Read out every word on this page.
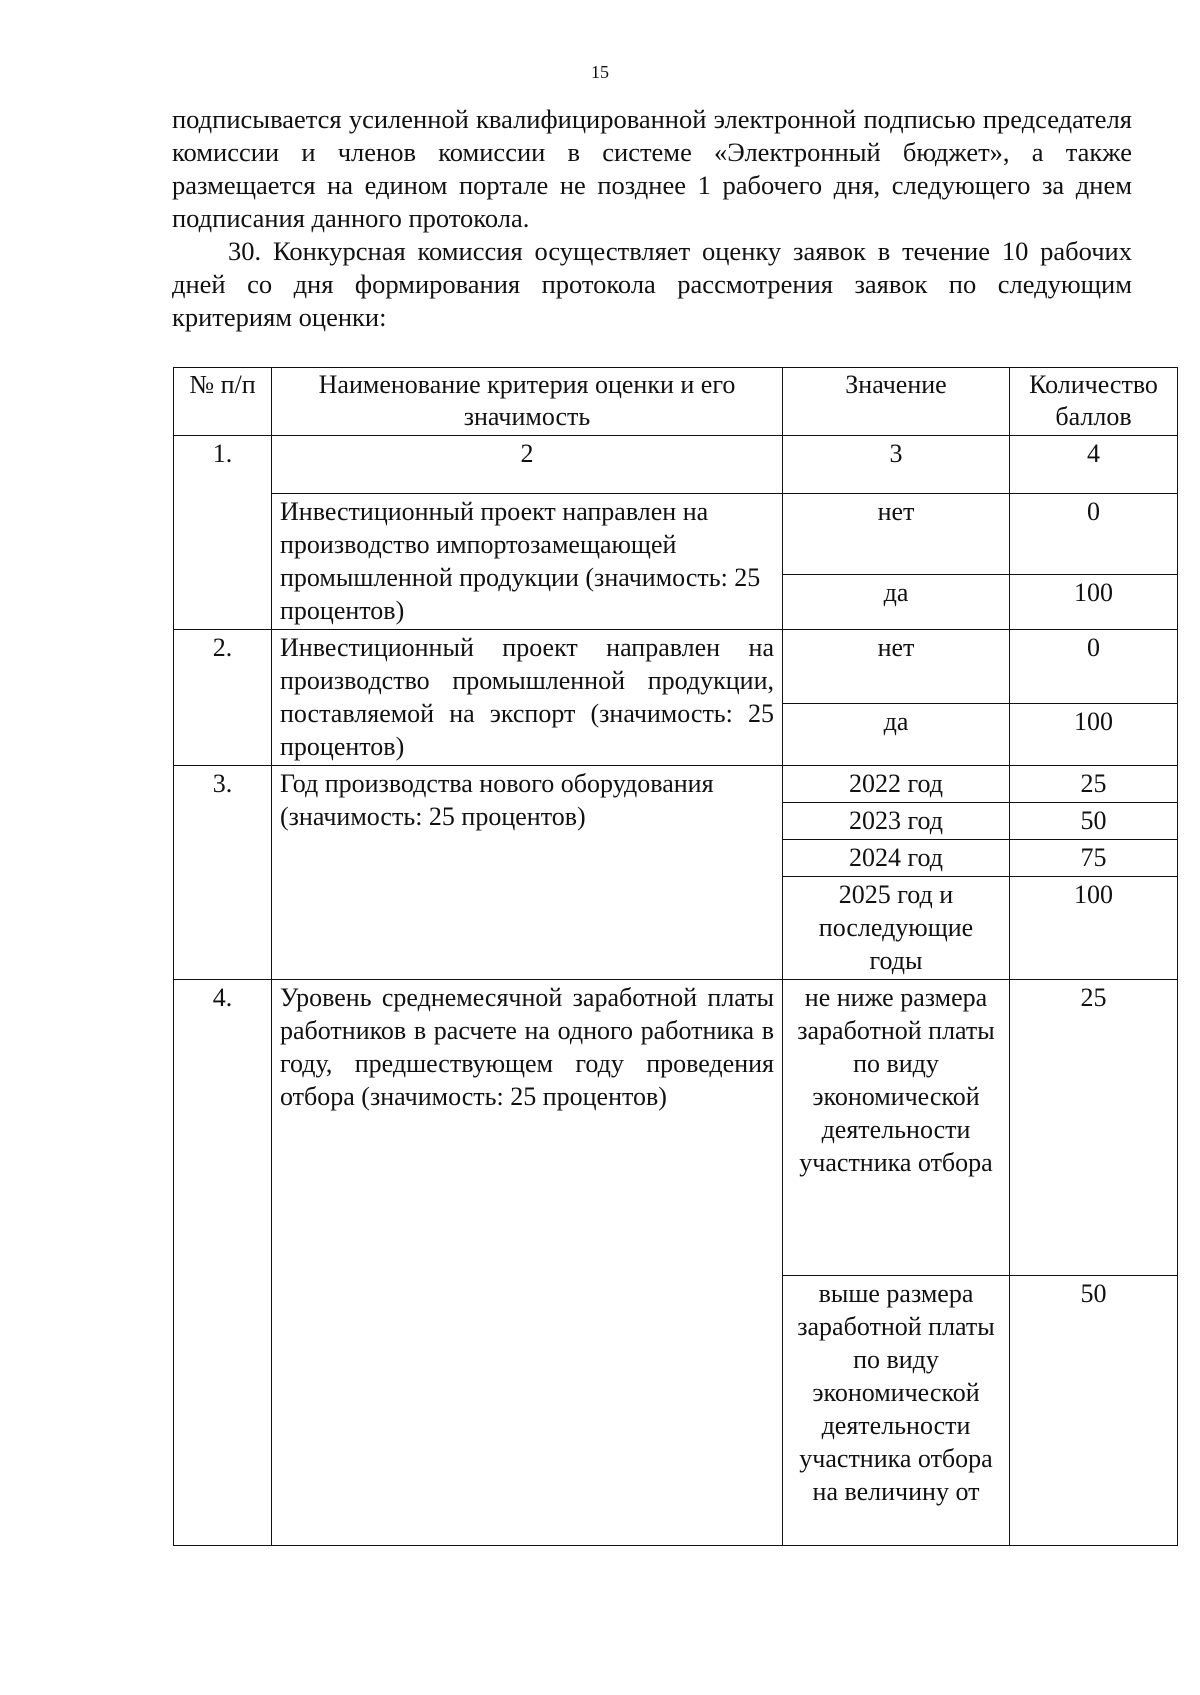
15

подписывается усиленной квалифицированной электронной подписью председателя комиссии и членов комиссии в системе «Электронный бюджет», а также размещается на едином портале не позднее 1 рабочего дня, следующего за днем подписания данного протокола.

30. Конкурсная комиссия осуществляет оценку заявок в течение 10 рабочих дней со дня формирования протокола рассмотрения заявок по следующим критериям оценки:

№ п/п	Наименование критерия оценки и его значимость	Значение	Количество баллов
1.	2	3	4
	Инвестиционный проект направлен на производство импортозамещающей промышленной продукции (значимость: 25 процентов)	нет	0
		да	100
2.	Инвестиционный проект направлен на производство промышленной продукции, поставляемой на экспорт (значимость: 25 процентов)	нет	0
		да	100
3.	Год производства нового оборудования (значимость: 25 процентов)	2022 год	25
		2023 год	50
		2024 год	75
		2025 год и последующие годы	100
4.	Уровень среднемесячной заработной платы работников в расчете на одного работника в году, предшествующем году проведения отбора (значимость: 25 процентов)	не ниже размера заработной платы по виду экономической деятельности участника отбора	25
		выше размера заработной платы по виду экономической деятельности участника отбора на величину от	50
